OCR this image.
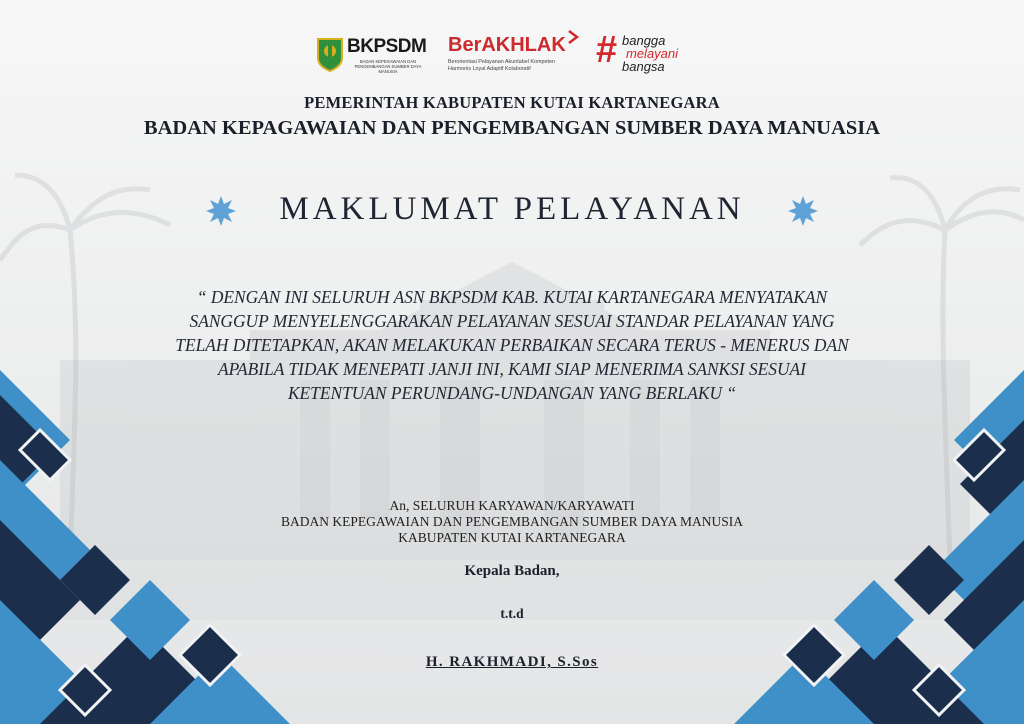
BKPSDM
BADAN KEPEGAWAIAN DAN PENGEMBANGAN SUMBER DAYA MANUSIA
BerAKHLAK
Berorientasi Pelayanan Akuntabel Kompeten
Harmonis Loyal Adaptif Kolaboratif	# bangga
melayani
bangsa
PEMERINTAH KABUPATEN KUTAI KARTANEGARA
BADAN KEPAGAWAIAN DAN PENGEMBANGAN SUMBER DAYA MANUASIA
MAKLUMAT PELAYANAN
“ DENGAN INI SELURUH ASN BKPSDM KAB. KUTAI KARTANEGARA MENYATAKAN
SANGGUP MENYELENGGARAKAN PELAYANAN SESUAI STANDAR PELAYANAN YANG
TELAH DITETAPKAN, AKAN MELAKUKAN PERBAIKAN SECARA TERUS - MENERUS DAN
APABILA TIDAK MENEPATI JANJI INI, KAMI SIAP MENERIMA SANKSI SESUAI
KETENTUAN PERUNDANG-UNDANGAN YANG BERLAKU “
An, SELURUH KARYAWAN/KARYAWATI
BADAN KEPEGAWAIAN DAN PENGEMBANGAN SUMBER DAYA MANUSIA
KABUPATEN KUTAI KARTANEGARA
Kepala Badan,
t.t.d
H. RAKHMADI, S.Sos
